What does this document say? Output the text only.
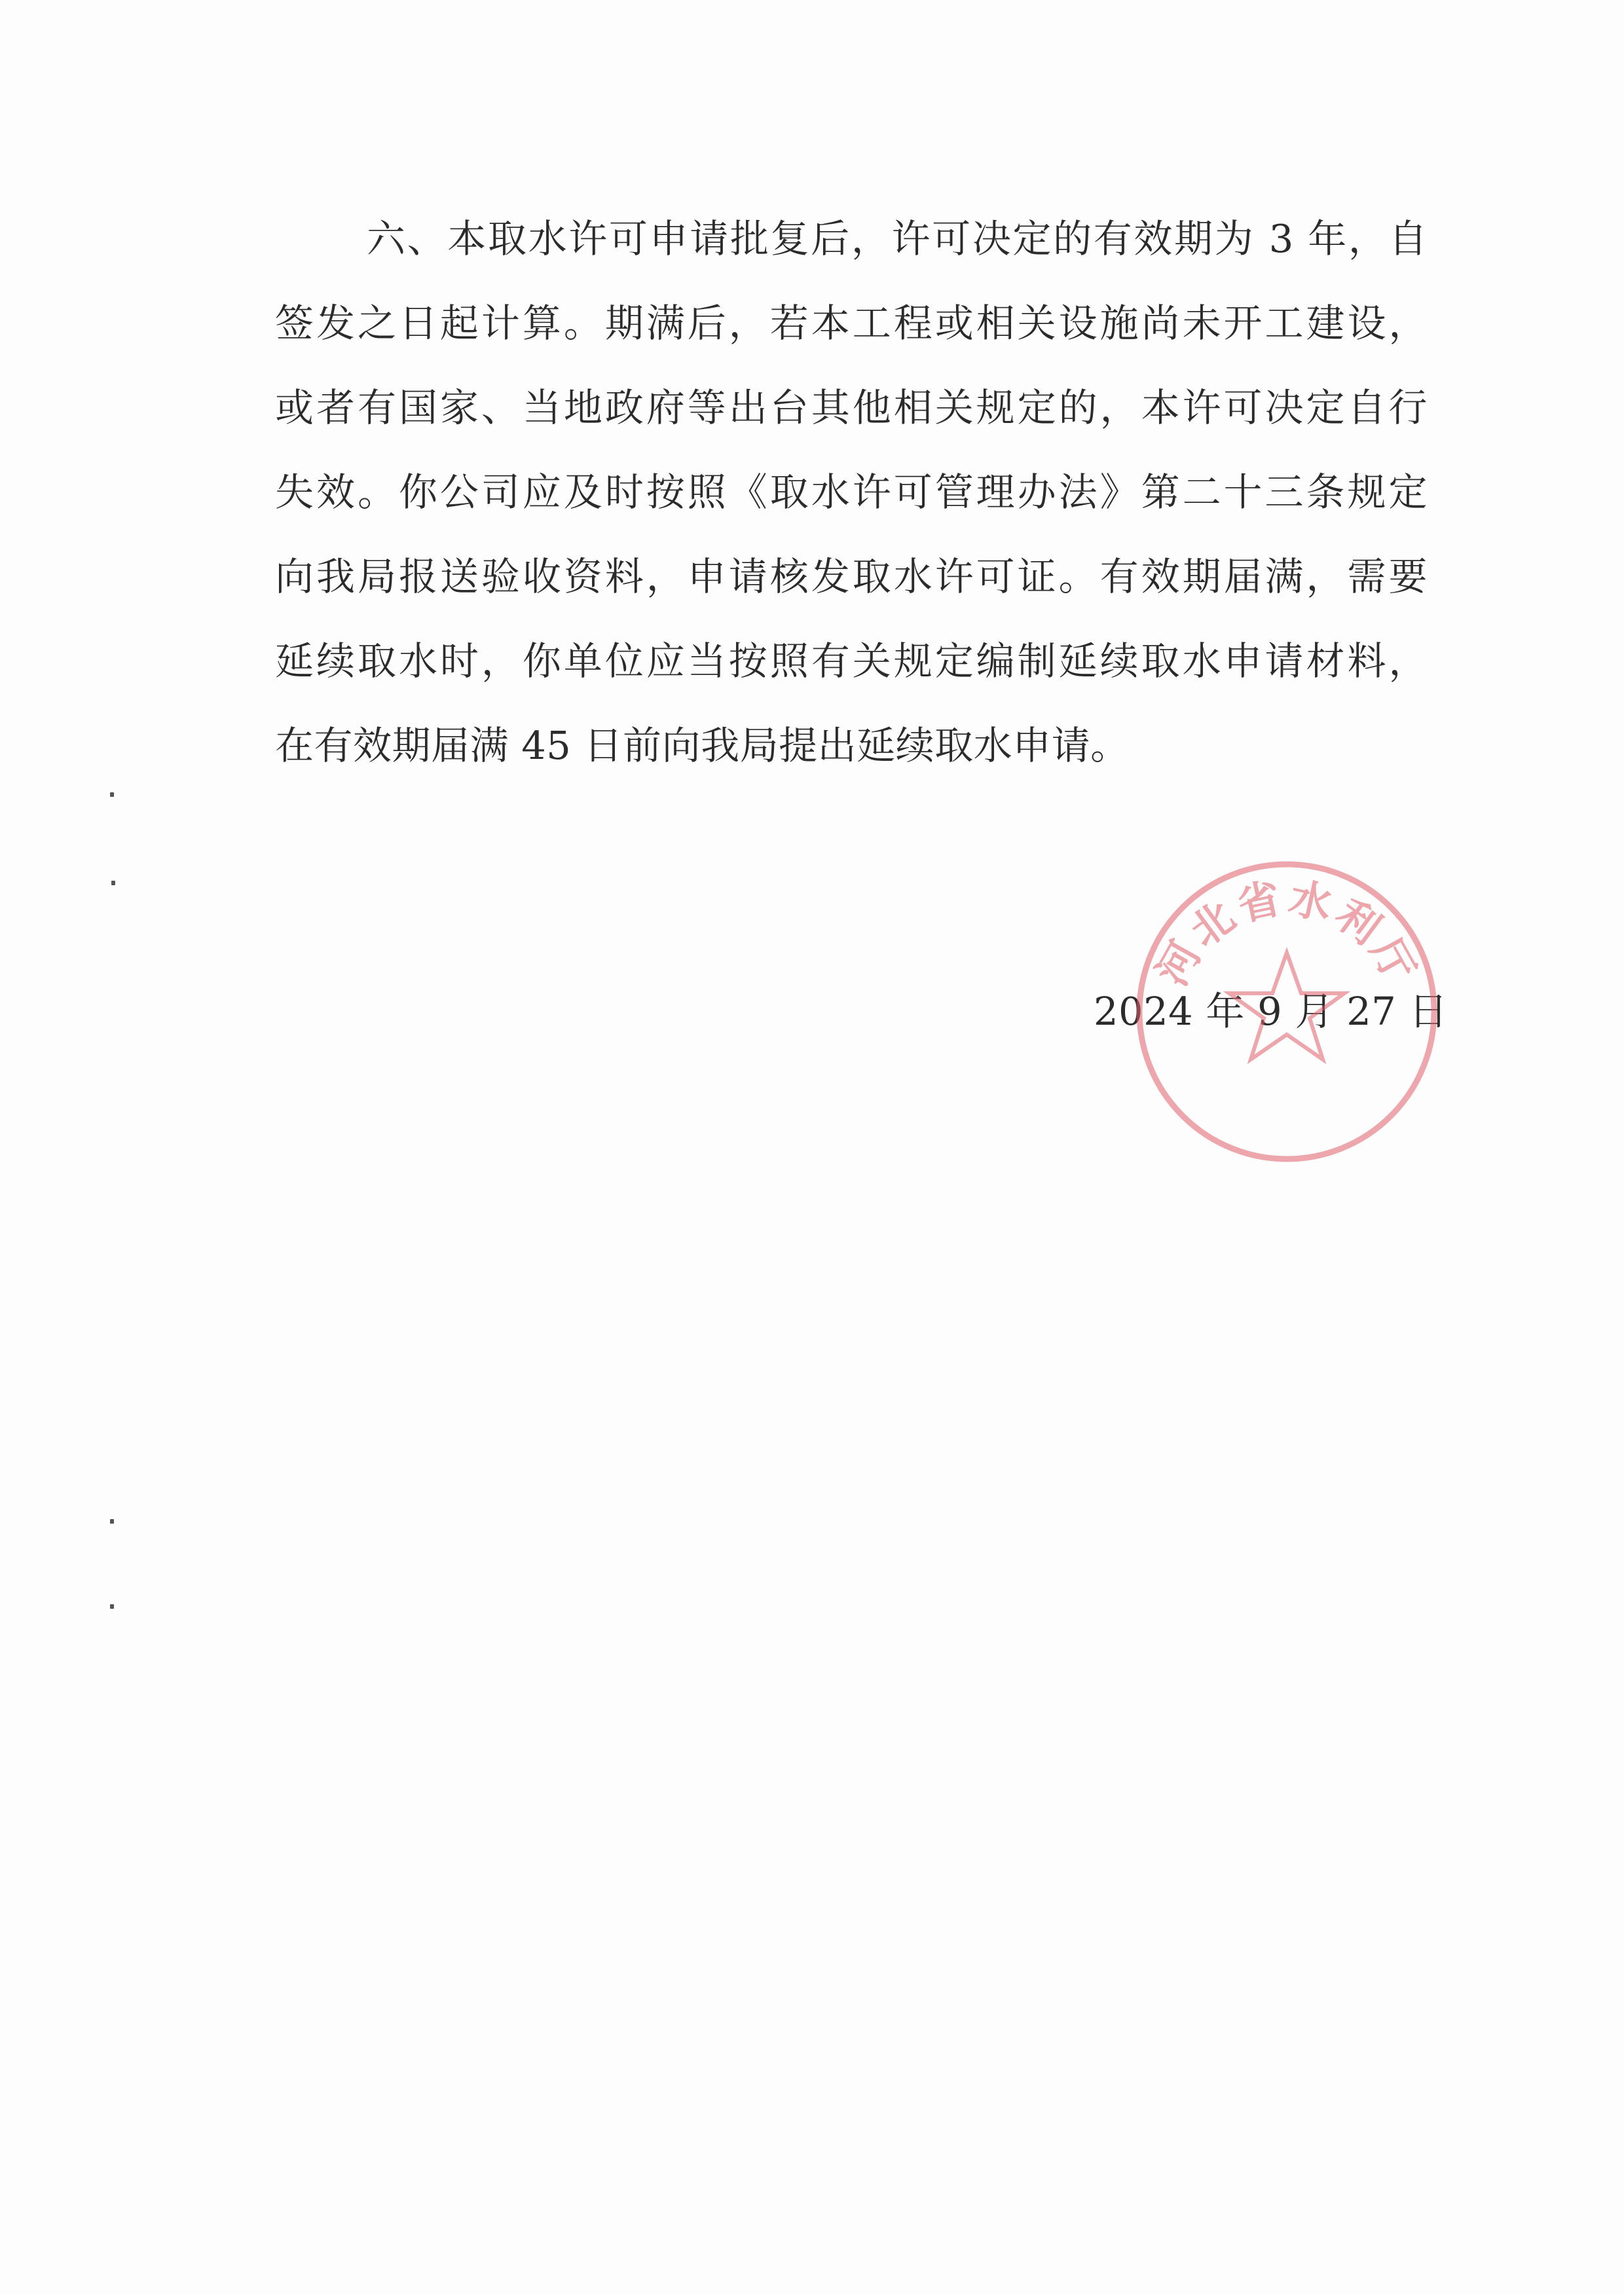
六、本取水许可申请批复后，许可决定的有效期为 3 年，自
签发之日起计算。期满后，若本工程或相关设施尚未开工建设，
或者有国家、当地政府等出台其他相关规定的，本许可决定自行
失效。你公司应及时按照《取水许可管理办法》第二十三条规定
向我局报送验收资料，申请核发取水许可证。有效期届满，需要
延续取水时，你单位应当按照有关规定编制延续取水申请材料，
在有效期届满 45 日前向我局提出延续取水申请。
2024 年 9 月 27 日
河北省水利厅
